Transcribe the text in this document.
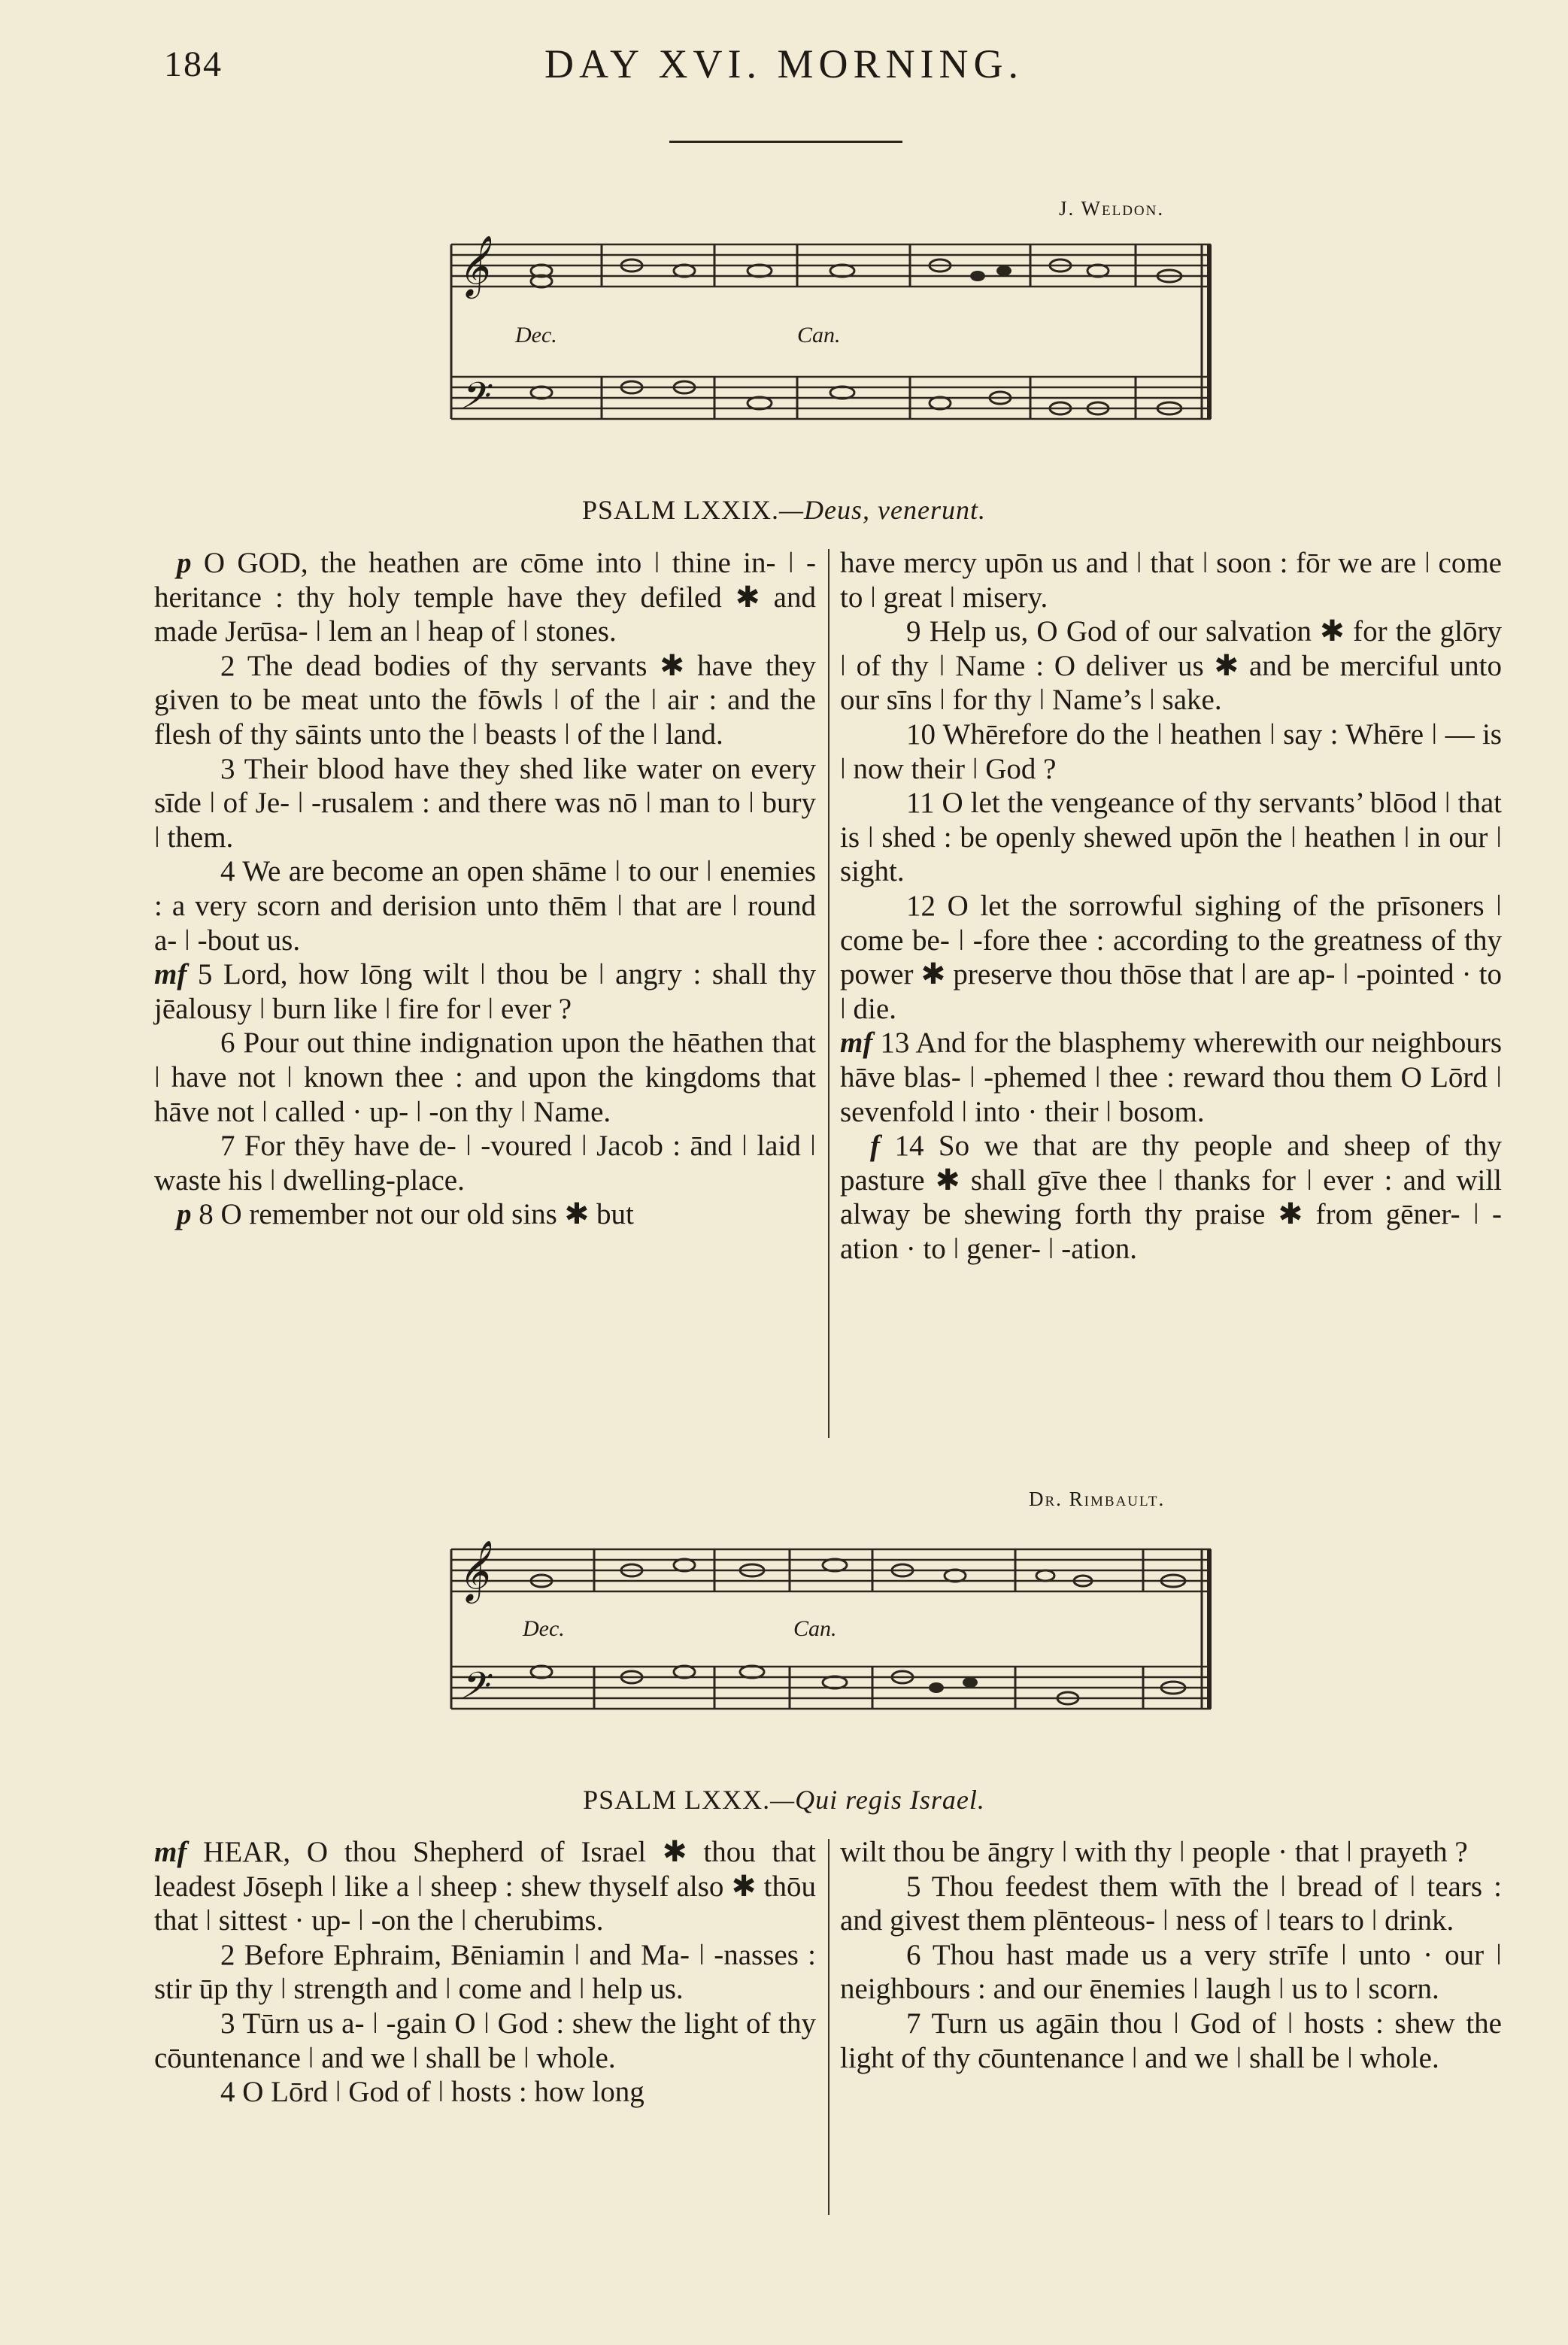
184	DAY XVI. MORNING.
J. Weldon.
𝄞
𝄢
Dec.	Can.
PSALM LXXIX.—Deus, venerunt.

p O GOD, the heathen are cōme into ǀ thine in- ǀ -heritance : thy holy temple have they defiled ✱ and made Jerūsa- ǀ lem an ǀ heap of ǀ stones.

2 The dead bodies of thy servants ✱ have they given to be meat unto the fōwls ǀ of the ǀ air : and the flesh of thy sāints unto the ǀ beasts ǀ of the ǀ land.

3 Their blood have they shed like water on every sīde ǀ of Je- ǀ -rusalem : and there was nō ǀ man to ǀ bury ǀ them.

4 We are become an open shāme ǀ to our ǀ enemies : a very scorn and derision unto thēm ǀ that are ǀ round a- ǀ -bout us.

mf 5 Lord, how lōng wilt ǀ thou be ǀ angry : shall thy jēalousy ǀ burn like ǀ fire for ǀ ever ?

6 Pour out thine indignation upon the hēathen that ǀ have not ǀ known thee : and upon the kingdoms that hāve not ǀ called · up- ǀ -on thy ǀ Name.

7 For thēy have de- ǀ -voured ǀ Jacob : ānd ǀ laid ǀ waste his ǀ dwelling-place.

p 8 O remember not our old sins ✱ but

have mercy upōn us and ǀ that ǀ soon : fōr we are ǀ come to ǀ great ǀ misery.

9 Help us, O God of our salvation ✱ for the glōry ǀ of thy ǀ Name : O deliver us ✱ and be merciful unto our sīns ǀ for thy ǀ Name’s ǀ sake.

10 Whērefore do the ǀ heathen ǀ say : Whēre ǀ — is ǀ now their ǀ God ?

11 O let the vengeance of thy servants’ blōod ǀ that is ǀ shed : be openly shewed upōn the ǀ heathen ǀ in our ǀ sight.

12 O let the sorrowful sighing of the prīsoners ǀ come be- ǀ -fore thee : according to the greatness of thy power ✱ preserve thou thōse that ǀ are ap- ǀ -pointed · to ǀ die.

mf 13 And for the blasphemy wherewith our neighbours hāve blas- ǀ -phemed ǀ thee : reward thou them O Lōrd ǀ sevenfold ǀ into · their ǀ bosom.

f 14 So we that are thy people and sheep of thy pasture ✱ shall gīve thee ǀ thanks for ǀ ever : and will alway be shewing forth thy praise ✱ from gēner- ǀ -ation · to ǀ gener- ǀ -ation.

Dr. Rimbault.
𝄞
𝄢
Dec.	Can.
PSALM LXXX.—Qui regis Israel.

mf HEAR, O thou Shepherd of Israel ✱ thou that leadest Jōseph ǀ like a ǀ sheep : shew thyself also ✱ thōu that ǀ sittest · up- ǀ -on the ǀ cherubims.

2 Before Ephraim, Bēniamin ǀ and Ma- ǀ -nasses : stir ūp thy ǀ strength and ǀ come and ǀ help us.

3 Tūrn us a- ǀ -gain O ǀ God : shew the light of thy cōuntenance ǀ and we ǀ shall be ǀ whole.

4 O Lōrd ǀ God of ǀ hosts : how long

wilt thou be āngry ǀ with thy ǀ people · that ǀ prayeth ?

5 Thou feedest them wīth the ǀ bread of ǀ tears : and givest them plēnteous- ǀ ness of ǀ tears to ǀ drink.

6 Thou hast made us a very strīfe ǀ unto · our ǀ neighbours : and our ēnemies ǀ laugh ǀ us to ǀ scorn.

7 Turn us agāin thou ǀ God of ǀ hosts : shew the light of thy cōuntenance ǀ and we ǀ shall be ǀ whole.
